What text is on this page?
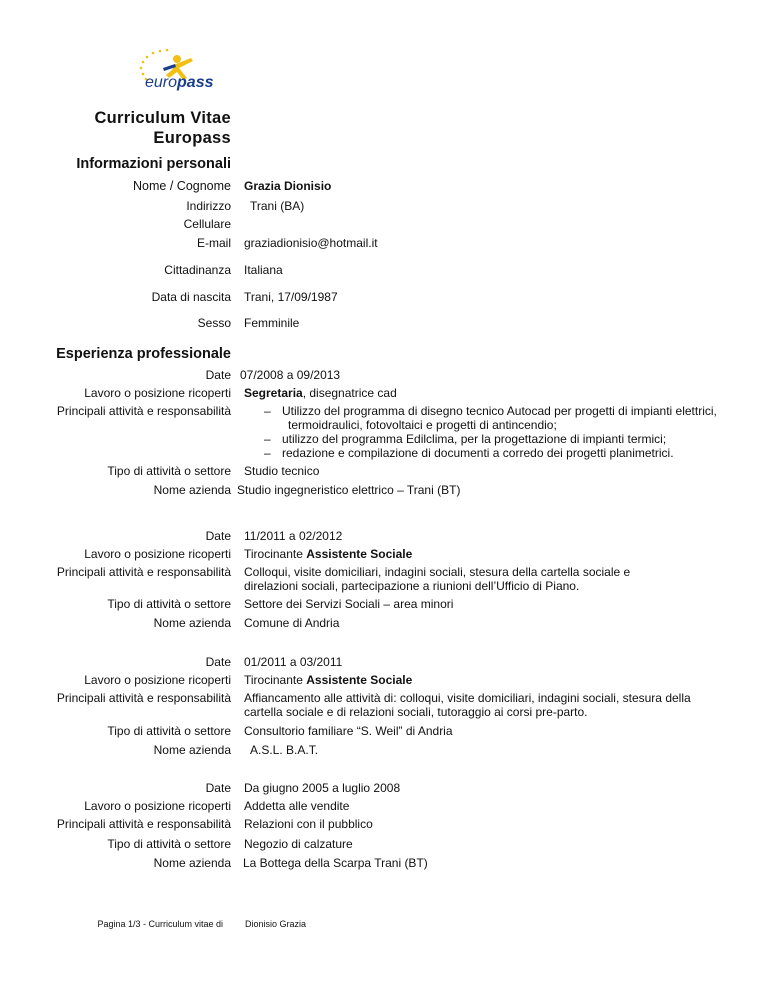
europass
Curriculum Vitae
Europass
Informazioni personali
Nome / Cognome Grazia Dionisio
Indirizzo Trani (BA)
Cellulare
E-mail graziadionisio@hotmail.it
Cittadinanza Italiana
Data di nascita Trani, 17/09/1987
Sesso Femminile
Esperienza professionale
Date 07/2008 a 09/2013
Lavoro o posizione ricoperti Segretaria, disegnatrice cad
Principali attività e responsabilità
–	Utilizzo del programma di disegno tecnico Autocad per progetti di impianti elettrici,
termoidraulici, fotovoltaici e progetti di antincendio;
– utilizzo del programma Edilclima, per la progettazione di impianti termici;
– redazione e compilazione di documenti a corredo dei progetti planimetrici.
Tipo di attività o settore Studio tecnico
Nome azienda Studio ingegneristico elettrico – Trani (BT)
Date 11/2011 a 02/2012
Lavoro o posizione ricoperti Tirocinante Assistente Sociale
Principali attività e responsabilità Colloqui, visite domiciliari, indagini sociali, stesura della cartella sociale e direlazioni sociali, partecipazione a riunioni dell’Ufficio di Piano.
Tipo di attività o settore Settore dei Servizi Sociali – area minori
Nome azienda Comune di Andria
Date 01/2011 a 03/2011
Lavoro o posizione ricoperti Tirocinante Assistente Sociale
Principali attività e responsabilità Affiancamento alle attività di: colloqui, visite domiciliari, indagini sociali, stesura della cartella sociale e di relazioni sociali, tutoraggio ai corsi pre-parto.
Tipo di attività o settore Consultorio familiare “S. Weil” di Andria
Nome azienda A.S.L. B.A.T.
Date Da giugno 2005 a luglio 2008
Lavoro o posizione ricoperti Addetta alle vendite
Principali attività e responsabilità Relazioni con il pubblico
Tipo di attività o settore Negozio di calzature
Nome azienda La Bottega della Scarpa Trani (BT)
Pagina 1/3 - Curriculum vitae di Dionisio Grazia
